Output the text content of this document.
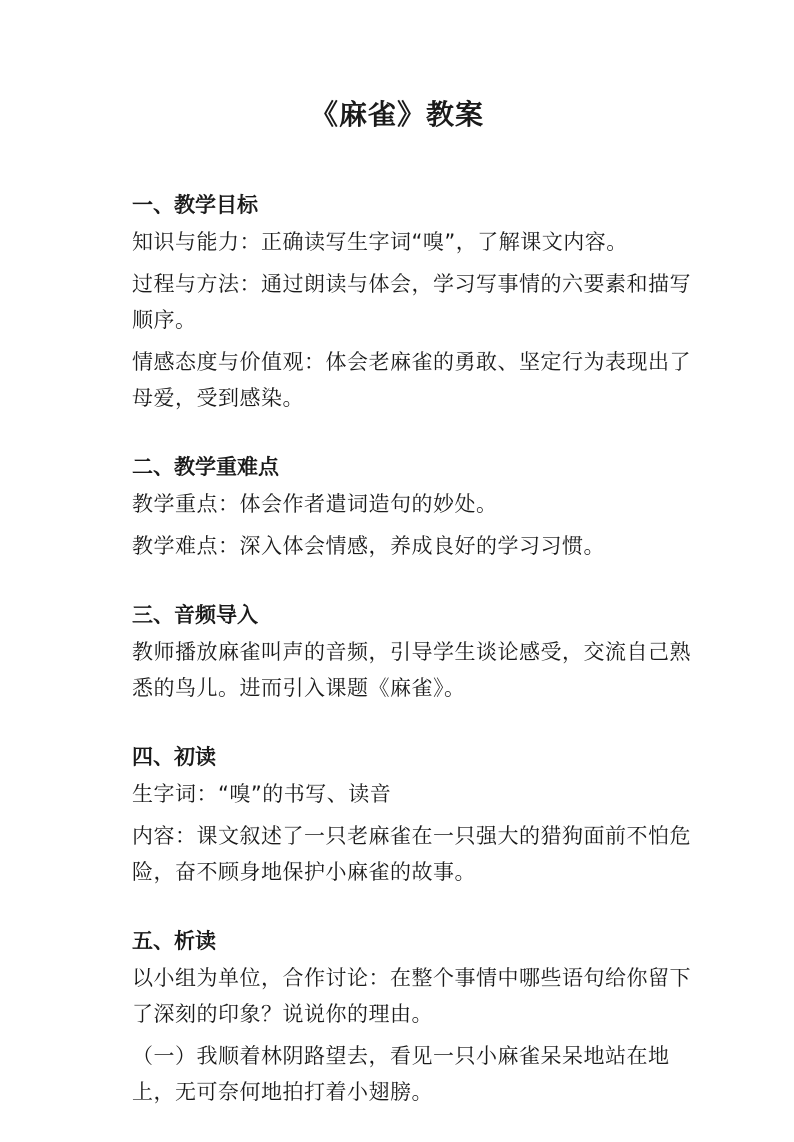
《麻雀》教案

一、教学目标

知识与能力：正确读写生字词“嗅”，了解课文内容。

过程与方法：通过朗读与体会，学习写事情的六要素和描写顺序。

情感态度与价值观：体会老麻雀的勇敢、坚定行为表现出了母爱，受到感染。

二、教学重难点

教学重点：体会作者遣词造句的妙处。

教学难点：深入体会情感，养成良好的学习习惯。

三、音频导入

教师播放麻雀叫声的音频，引导学生谈论感受，交流自己熟悉的鸟儿。进而引入课题《麻雀》。

四、初读

生字词：“嗅”的书写、读音

内容：课文叙述了一只老麻雀在一只强大的猎狗面前不怕危险，奋不顾身地保护小麻雀的故事。

五、析读

以小组为单位，合作讨论：在整个事情中哪些语句给你留下了深刻的印象？说说你的理由。

（一）我顺着林阴路望去，看见一只小麻雀呆呆地站在地上，无可奈何地拍打着小翅膀。
